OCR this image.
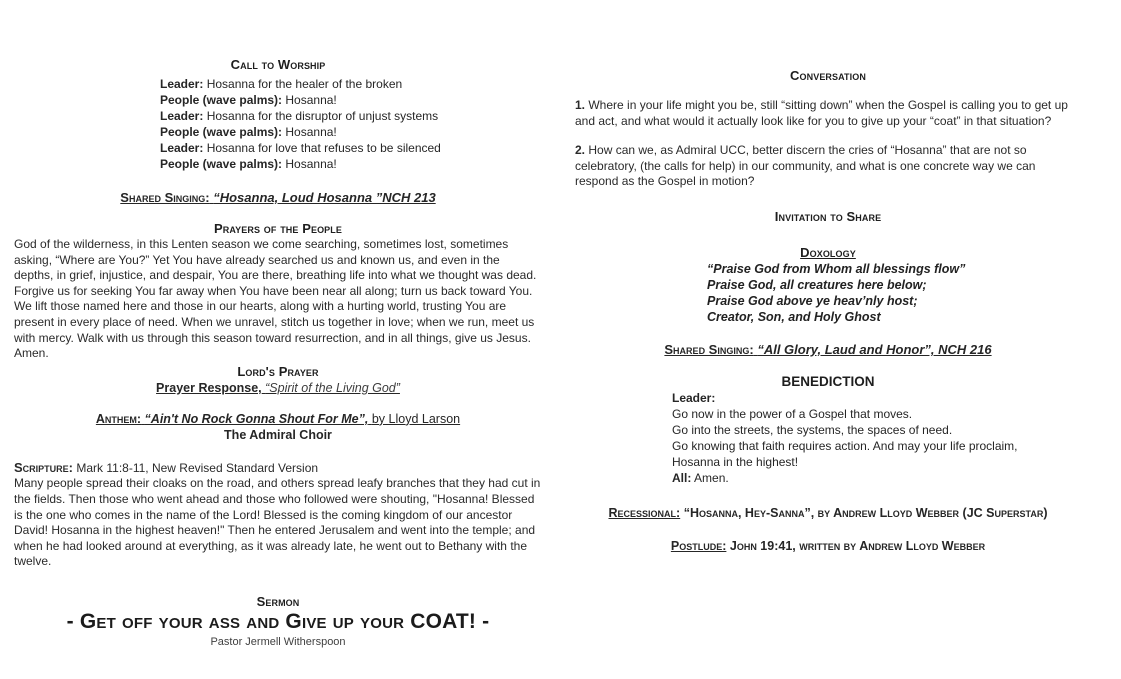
Call to Worship
Leader: Hosanna for the healer of the broken
People (wave palms): Hosanna!
Leader: Hosanna for the disruptor of unjust systems
People (wave palms): Hosanna!
Leader: Hosanna for love that refuses to be silenced
People (wave palms): Hosanna!
Shared Singing: “Hosanna, Loud Hosanna ”NCH 213
Prayers of the People
God of the wilderness, in this Lenten season we come searching, sometimes lost, sometimes asking, “Where are You?” Yet You have already searched us and known us, and even in the depths, in grief, injustice, and despair, You are there, breathing life into what we thought was dead. Forgive us for seeking You far away when You have been near all along; turn us back toward You. We lift those named here and those in our hearts, along with a hurting world, trusting You are present in every place of need. When we unravel, stitch us together in love; when we run, meet us with mercy. Walk with us through this season toward resurrection, and in all things, give us Jesus. Amen.
Lord's Prayer
Prayer Response, “Spirit of the Living God”
Anthem: “Ain't No Rock Gonna Shout For Me”, by Lloyd Larson
The Admiral Choir
Scripture: Mark 11:8-11, New Revised Standard Version
Many people spread their cloaks on the road, and others spread leafy branches that they had cut in the fields. Then those who went ahead and those who followed were shouting, "Hosanna! Blessed is the one who comes in the name of the Lord! Blessed is the coming kingdom of our ancestor David! Hosanna in the highest heaven!" Then he entered Jerusalem and went into the temple; and when he had looked around at everything, as it was already late, he went out to Bethany with the twelve.
Sermon
- Get off your ass and Give up your COAT! -
Pastor Jermell Witherspoon
Conversation
1. Where in your life might you be, still “sitting down” when the Gospel is calling you to get up and act, and what would it actually look like for you to give up your “coat” in that situation?
2. How can we, as Admiral UCC, better discern the cries of “Hosanna” that are not so celebratory, (the calls for help) in our community, and what is one concrete way we can respond as the Gospel in motion?
Invitation to Share
Doxology
“Praise God from Whom all blessings flow”
Praise God, all creatures here below;
Praise God above ye heav’nly host;
Creator, Son, and Holy Ghost
Shared Singing: “All Glory, Laud and Honor”, NCH 216
BENEDICTION
Leader:
Go now in the power of a Gospel that moves.
Go into the streets, the systems, the spaces of need.
Go knowing that faith requires action. And may your life proclaim,
Hosanna in the highest!
All: Amen.
Recessional: “Hosanna, Hey-Sanna”, by Andrew Lloyd Webber (JC Superstar)
Postlude: John 19:41, written by Andrew Lloyd Webber
